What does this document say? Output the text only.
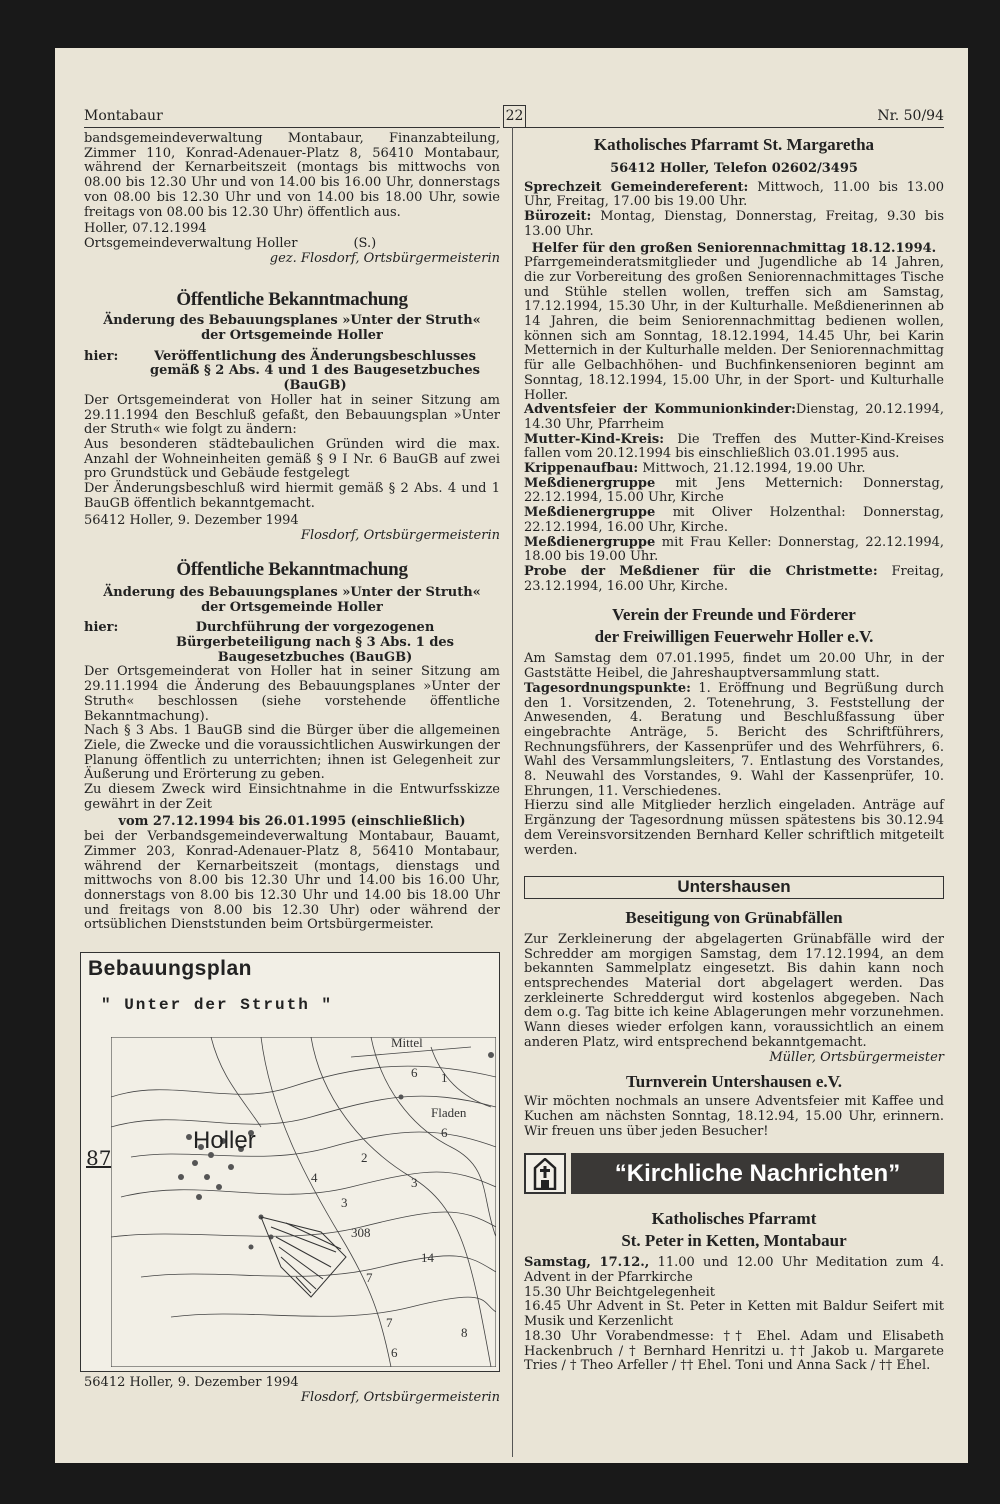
Montabaur	22	Nr. 50/94

bandsgemeindeverwaltung Montabaur, Finanzabteilung, Zimmer 110, Konrad-Adenauer-Platz 8, 56410 Montabaur, während der Kernarbeitszeit (montags bis mittwochs von 08.00 bis 12.30 Uhr und von 14.00 bis 16.00 Uhr, donnerstags von 08.00 bis 12.30 Uhr und von 14.00 bis 18.00 Uhr, sowie freitags von 08.00 bis 12.30 Uhr) öffentlich aus.

Holler, 07.12.1994

Ortsgemeindeverwaltung Holler	(S.)

gez. Flosdorf, Ortsbürgermeisterin

Öffentliche Bekanntmachung

Änderung des Bebauungsplanes »Unter der Struth«

der Ortsgemeinde Holler

hier:	Veröffentlichung des Änderungsbeschlusses gemäß § 2 Abs. 4 und 1 des Baugesetzbuches (BauGB)

Der Ortsgemeinderat von Holler hat in seiner Sitzung am 29.11.1994 den Beschluß gefaßt, den Bebauungsplan »Unter der Struth« wie folgt zu ändern:

Aus besonderen städtebaulichen Gründen wird die max. Anzahl der Wohneinheiten gemäß § 9 I Nr. 6 BauGB auf zwei pro Grundstück und Gebäude festgelegt

Der Änderungsbeschluß wird hiermit gemäß § 2 Abs. 4 und 1 BauGB öffentlich bekanntgemacht.

56412 Holler, 9. Dezember 1994

Flosdorf, Ortsbürgermeisterin

Öffentliche Bekanntmachung

Änderung des Bebauungsplanes »Unter der Struth«

der Ortsgemeinde Holler

hier:	Durchführung der vorgezogenen Bürgerbeteiligung nach § 3 Abs. 1 des Baugesetzbuches (BauGB)

Der Ortsgemeinderat von Holler hat in seiner Sitzung am 29.11.1994 die Änderung des Bebauungsplanes »Unter der Struth« beschlossen (siehe vorstehende öffentliche Bekanntmachung).

Nach § 3 Abs. 1 BauGB sind die Bürger über die allgemeinen Ziele, die Zwecke und die voraussichtlichen Auswirkungen der Planung öffentlich zu unterrichten; ihnen ist Gelegenheit zur Äußerung und Erörterung zu geben.

Zu diesem Zweck wird Einsichtnahme in die Entwurfsskizze gewährt in der Zeit

vom 27.12.1994 bis 26.01.1995 (einschließlich)

bei der Verbandsgemeindeverwaltung Montabaur, Bauamt, Zimmer 203, Konrad-Adenauer-Platz 8, 56410 Montabaur, während der Kernarbeitszeit (montags, dienstags und mittwochs von 8.00 bis 12.30 Uhr und 14.00 bis 16.00 Uhr, donnerstags von 8.00 bis 12.30 Uhr und 14.00 bis 18.00 Uhr und freitags von 8.00 bis 12.30 Uhr) oder während der ortsüblichen Dienststunden beim Ortsbürgermeister.

Bebauungsplan
" Unter der Struth "
6 1
2
3
4
3
14
7
7
8
6
308
6
Mittel
Fladen
87
Holler

56412 Holler, 9. Dezember 1994

Flosdorf, Ortsbürgermeisterin

Katholisches Pfarramt St. Margaretha

56412 Holler, Telefon 02602/3495

Sprechzeit Gemeindereferent: Mittwoch, 11.00 bis 13.00 Uhr, Freitag, 17.00 bis 19.00 Uhr.

Bürozeit: Montag, Dienstag, Donnerstag, Freitag, 9.30 bis 13.00 Uhr.

Helfer für den großen Seniorennachmittag 18.12.1994.

Pfarrgemeinderatsmitglieder und Jugendliche ab 14 Jahren, die zur Vorbereitung des großen Seniorennachmittages Tische und Stühle stellen wollen, treffen sich am Samstag, 17.12.1994, 15.30 Uhr, in der Kulturhalle. Meßdienerinnen ab 14 Jahren, die beim Seniorennachmittag bedienen wollen, können sich am Sonntag, 18.12.1994, 14.45 Uhr, bei Karin Metternich in der Kulturhalle melden. Der Seniorennachmittag für alle Gelbachhöhen- und Buchfinkensenioren beginnt am Sonntag, 18.12.1994, 15.00 Uhr, in der Sport- und Kulturhalle Holler.

Adventsfeier der Kommunionkinder:Dienstag, 20.12.1994, 14.30 Uhr, Pfarrheim

Mutter-Kind-Kreis: Die Treffen des Mutter-Kind-Kreises fallen vom 20.12.1994 bis einschließlich 03.01.1995 aus.

Krippenaufbau: Mittwoch, 21.12.1994, 19.00 Uhr.

Meßdienergruppe mit Jens Metternich: Donnerstag, 22.12.1994, 15.00 Uhr, Kirche

Meßdienergruppe mit Oliver Holzenthal: Donnerstag, 22.12.1994, 16.00 Uhr, Kirche.

Meßdienergruppe mit Frau Keller: Donnerstag, 22.12.1994, 18.00 bis 19.00 Uhr.

Probe der Meßdiener für die Christmette: Freitag, 23.12.1994, 16.00 Uhr, Kirche.

Verein der Freunde und Förderer
der Freiwilligen Feuerwehr Holler e.V.

Am Samstag dem 07.01.1995, findet um 20.00 Uhr, in der Gaststätte Heibel, die Jahreshauptversammlung statt.

Tagesordnungspunkte: 1. Eröffnung und Begrüßung durch den 1. Vorsitzenden, 2. Totenehrung, 3. Feststellung der Anwesenden, 4. Beratung und Beschlußfassung über eingebrachte Anträge, 5. Bericht des Schriftführers, Rechnungsführers, der Kassenprüfer und des Wehrführers, 6. Wahl des Versammlungsleiters, 7. Entlastung des Vorstandes, 8. Neuwahl des Vorstandes, 9. Wahl der Kassenprüfer, 10. Ehrungen, 11. Verschiedenes.

Hierzu sind alle Mitglieder herzlich eingeladen. Anträge auf Ergänzung der Tagesordnung müssen spätestens bis 30.12.94 dem Vereinsvorsitzenden Bernhard Keller schriftlich mitgeteilt werden.

Untershausen
Beseitigung von Grünabfällen

Zur Zerkleinerung der abgelagerten Grünabfälle wird der Schredder am morgigen Samstag, dem 17.12.1994, an dem bekannten Sammelplatz eingesetzt. Bis dahin kann noch entsprechendes Material dort abgelagert werden. Das zerkleinerte Schreddergut wird kostenlos abgegeben. Nach dem o.g. Tag bitte ich keine Ablagerungen mehr vorzunehmen. Wann dieses wieder erfolgen kann, voraussichtlich an einem anderen Platz, wird entsprechend bekanntgemacht.

Müller, Ortsbürgermeister

Turnverein Untershausen e.V.

Wir möchten nochmals an unsere Adventsfeier mit Kaffee und Kuchen am nächsten Sonntag, 18.12.94, 15.00 Uhr, erinnern. Wir freuen uns über jeden Besucher!

“Kirchliche Nachrichten”
Katholisches Pfarramt
St. Peter in Ketten, Montabaur

Samstag, 17.12., 11.00 und 12.00 Uhr Meditation zum 4. Advent in der Pfarrkirche

15.30 Uhr Beichtgelegenheit

16.45 Uhr Advent in St. Peter in Ketten mit Baldur Seifert mit Musik und Kerzenlicht

18.30 Uhr Vorabendmesse: †† Ehel. Adam und Elisabeth Hackenbruch / † Bernhard Henritzi u. †† Jakob u. Margarete Tries / † Theo Arfeller / †† Ehel. Toni und Anna Sack / †† Ehel.
